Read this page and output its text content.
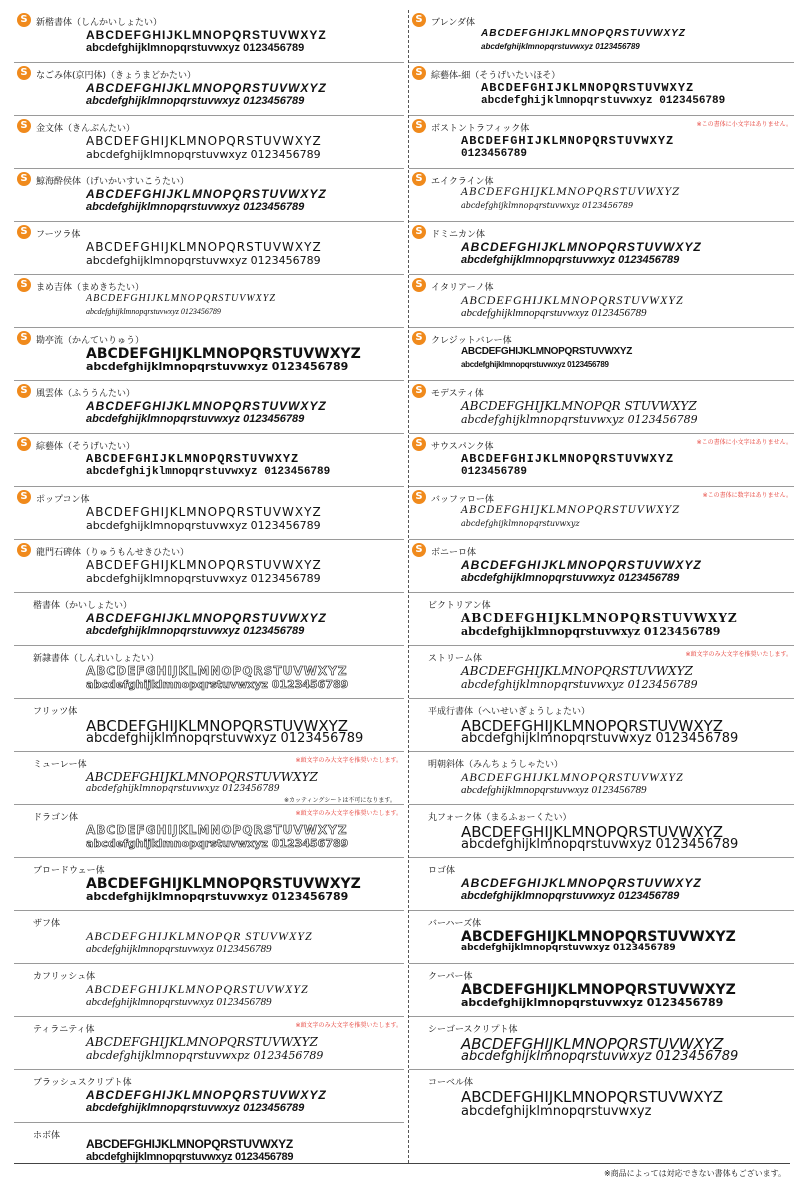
S 新楷書体（しんかいしょたい）
ABCDEFGHIJKLMNOPQRSTUVWXYZ
abcdefghijklmnopqrstuvwxyz 0123456789
S なごみ体(京円体)（きょうまどかたい）
ABCDEFGHIJKLMNOPQRSTUVWXYZ
abcdefghijklmnopqrstuvwxyz 0123456789
S 金文体（きんぶんたい）
ABCDEFGHIJKLMNOPQRSTUVWXYZ
abcdefghijklmnopqrstuvwxyz 0123456789
S 鯨海酔侯体（げいかいすいこうたい）
ABCDEFGHIJKLMNOPQRSTUVWXYZ
abcdefghijklmnopqrstuvwxyz 0123456789
S フーツラ体
ABCDEFGHIJKLMNOPQRSTUVWXYZ
abcdefghijklmnopqrstuvwxyz 0123456789
S まめ吉体（まめきちたい）
ABCDEFGHIJKLMNOPQRSTUVWXYZ
abcdefghijklmnopqrstuvwxyz 0123456789
S 勘亭流（かんていりゅう）
ABCDEFGHIJKLMNOPQRSTUVWXYZ
abcdefghijklmnopqrstuvwxyz 0123456789
S 風雲体（ふううんたい）
ABCDEFGHIJKLMNOPQRSTUVWXYZ
abcdefghijklmnopqrstuvwxyz 0123456789
S 綜藝体（そうげいたい）
ABCDEFGHIJKLMNOPQRSTUVWXYZ
abcdefghijklmnopqrstuvwxyz 0123456789
S ポップコン体
ABCDEFGHIJKLMNOPQRSTUVWXYZ
abcdefghijklmnopqrstuvwxyz 0123456789
S 龍門石碑体（りゅうもんせきひたい）
ABCDEFGHIJKLMNOPQRSTUVWXYZ
abcdefghijklmnopqrstuvwxyz 0123456789
楷書体（かいしょたい）
ABCDEFGHIJKLMNOPQRSTUVWXYZ
abcdefghijklmnopqrstuvwxyz 0123456789
新隷書体（しんれいしょたい）
ABCDEFGHIJKLMNOPQRSTUVWXYZ
abcdefghijklmnopqrstuvwxyz 0123456789
フリッツ体
ABCDEFGHIJKLMNOPQRSTUVWXYZ
abcdefghijklmnopqrstuvwxyz 0123456789
ミューレー体	※頭文字のみ大文字を推奨いたします。
ABCDEFGHIJKLMNOPQRSTUVWXYZ
abcdefghijklmnopqrstuvwxyz 0123456789
※カッティングシートは不可になります。
ドラゴン体	※頭文字のみ大文字を推奨いたします。
ABCDEFGHIJKLMNOPQRSTUVWXYZ
abcdefghijklmnopqrstuvwxyz 0123456789
ブロードウェー体
ABCDEFGHIJKLMNOPQRSTUVWXYZ
abcdefghijklmnopqrstuvwxyz 0123456789
ザフ体
ABCDEFGHIJKLMNOPQR STUVWXYZ
abcdefghijklmnopqrstuvwxyz 0123456789
カフリッシュ体
ABCDEFGHIJKLMNOPQRSTUVWXYZ
abcdefghijklmnopqrstuvwxyz 0123456789
ティラニティ体	※頭文字のみ大文字を推奨いたします。
ABCDEFGHIJKLMNOPQRSTUVWXYZ
abcdefghijklmnopqrstuvwxpz 0123456789
ブラッシュスクリプト体
ABCDEFGHIJKLMNOPQRSTUVWXYZ
abcdefghijklmnopqrstuvwxyz 0123456789
ホボ体
ABCDEFGHIJKLMNOPQRSTUVWXYZ
abcdefghijklmnopqrstuvwxyz 0123456789
S ブレンダ体
ABCDEFGHIJKLMNOPQRSTUVWXYZ
abcdefghijklmnopqrstuvwxyz 0123456789
S 綜藝体-細（そうげいたいほそ）
ABCDEFGHIJKLMNOPQRSTUVWXYZ
abcdefghijklmnopqrstuvwxyz 0123456789
S ボストントラフィック体	※この書体に小文字はありません。
ABCDEFGHIJKLMNOPQRSTUVWXYZ
0123456789
S エイクライン体
ABCDEFGHIJKLMNOPQRSTUVWXYZ
abcdefghijklmnopqrstuvwxyz 0123456789
S ドミニカン体
ABCDEFGHIJKLMNOPQRSTUVWXYZ
abcdefghijklmnopqrstuvwxyz 0123456789
S イタリアーノ体
ABCDEFGHIJKLMNOPQRSTUVWXYZ
abcdefghijklmnopqrstuvwxyz 0123456789
S クレジットバレー体
ABCDEFGHIJKLMNOPQRSTUVWXYZ
abcdefghijklmnopqrstuvwxyz 0123456789
S モデスティ体
ABCDEFGHIJKLMNOPQR STUVWXYZ
abcdefghijklmnopqrstuvwxyz 0123456789
S サウスパンク体	※この書体に小文字はありません。
ABCDEFGHIJKLMNOPQRSTUVWXYZ
0123456789
S バッファロー体	※この書体に数字はありません。
ABCDEFGHIJKLMNOPQRSTUVWXYZ
abcdefghijklmnopqrstuvwxyz
S ボニーロ体
ABCDEFGHIJKLMNOPQRSTUVWXYZ
abcdefghijklmnopqrstuvwxyz 0123456789
ビクトリアン体
ABCDEFGHIJKLMNOPQRSTUVWXYZ
abcdefghijklmnopqrstuvwxyz 0123456789
ストリーム体	※頭文字のみ大文字を推奨いたします。
ABCDEFGHIJKLMNOPQRSTUVWXYZ
abcdefghijklmnopqrstuvwxyz 0123456789
平成行書体（へいせいぎょうしょたい）
ABCDEFGHIJKLMNOPQRSTUVWXYZ
abcdefghijklmnopqrstuvwxyz 0123456789
明朝斜体（みんちょうしゃたい）
ABCDEFGHIJKLMNOPQRSTUVWXYZ
abcdefghijklmnopqrstuvwxyz 0123456789
丸フォーク体（まるふぉーくたい）
ABCDEFGHIJKLMNOPQRSTUVWXYZ
abcdefghijklmnopqrstuvwxyz 0123456789
ロゴ体
ABCDEFGHIJKLMNOPQRSTUVWXYZ
abcdefghijklmnopqrstuvwxyz 0123456789
バーハーズ体
ABCDEFGHIJKLMNOPQRSTUVWXYZ
abcdefghijklmnopqrstuvwxyz 0123456789
クーパー体
ABCDEFGHIJKLMNOPQRSTUVWXYZ
abcdefghijklmnopqrstuvwxyz 0123456789
シーゴースクリプト体
ABCDEFGHIJKLMNOPQRSTUVWXYZ
abcdefghijklmnopqrstuvwxyz 0123456789
コーベル体
ABCDEFGHIJKLMNOPQRSTUVWXYZ
abcdefghijklmnopqrstuvwxyz
※商品によっては対応できない書体もございます。
